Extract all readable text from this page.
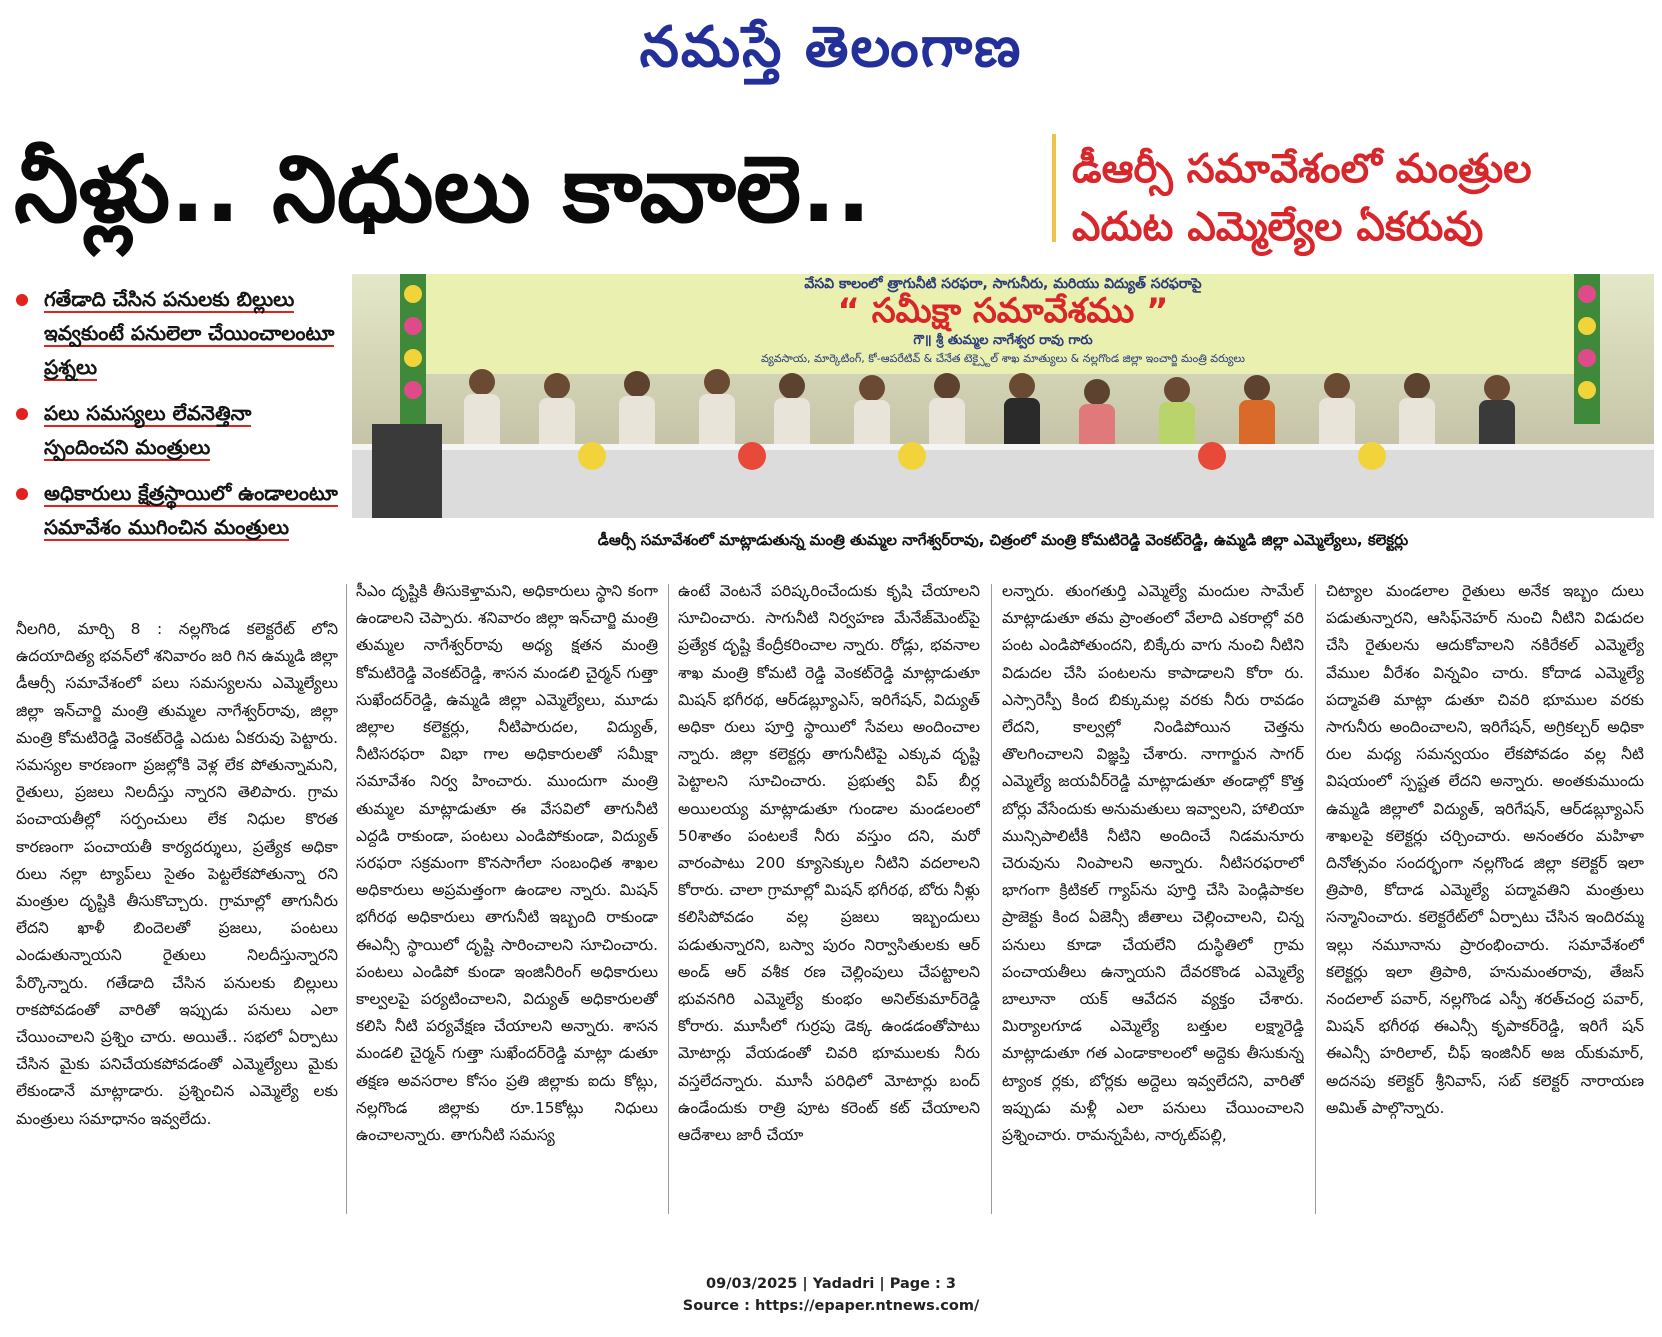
నమస్తే తెలంగాణ
నీళ్లు.. నిధులు కావాలె..	డీఆర్సీ సమావేశంలో మంత్రుల
ఎదుట ఎమ్మెల్యేల ఏకరువు
గతేడాది చేసిన పనులకు బిల్లులు ఇవ్వకుంటే పనులెలా చేయించాలంటూ ప్రశ్నలు
పలు సమస్యలు లేవనెత్తినా స్పందించని మంత్రులు
అధికారులు క్షేత్రస్థాయిలో ఉండాలంటూ సమావేశం ముగించిన మంత్రులు
వేసవి కాలంలో త్రాగునీటి సరఫరా, సాగునీరు, మరియు విద్యుత్ సరఫరాపై
“ సమీక్షా సమావేశము ”
గౌ॥ శ్రీ తుమ్మల నాగేశ్వర రావు గారు
వ్యవసాయ, మార్కెటింగ్, కో-ఆపరేటివ్ & చేనేత టెక్స్టైల్ శాఖ మాత్యులు & నల్లగొండ జిల్లా ఇంచార్జి మంత్రి వర్యులు
డీఆర్సీ సమావేశంలో మాట్లాడుతున్న మంత్రి తుమ్మల నాగేశ్వర్‌రావు, చిత్రంలో మంత్రి కోమటిరెడ్డి వెంకట్‌రెడ్డి, ఉమ్మడి జిల్లా ఎమ్మెల్యేలు, కలెక్టర్లు
నీలగిరి, మార్చి 8 : నల్లగొండ కలెక్టరేట్ లోని ఉదయాదిత్య భవన్‌లో శనివారం జరి గిన ఉమ్మడి జిల్లా డీఆర్సీ సమావేశంలో పలు సమస్యలను ఎమ్మెల్యేలు జిల్లా ఇన్‌చార్జి మంత్రి తుమ్మల నాగేశ్వర్‌రావు, జిల్లా మంత్రి కోమటిరెడ్డి వెంకట్‌రెడ్డి ఎదుట ఏకరువు పెట్టారు. సమస్యల కారణంగా ప్రజల్లోకి వెళ్ల లేక పోతున్నామని, రైతులు, ప్రజలు నిలదీస్తు న్నారని తెలిపారు. గ్రామ పంచాయతీల్లో సర్పంచులు లేక నిధుల కొరత కారణంగా పంచాయతీ కార్యదర్శులు, ప్రత్యేక అధికా రులు నల్లా ట్యాప్‌లు సైతం పెట్టలేకపోతున్నా రని మంత్రుల దృష్టికి తీసుకొచ్చారు. గ్రామాల్లో తాగునీరు లేదని ఖాళీ బిందెలతో ప్రజలు, పంటలు ఎండుతున్నాయని రైతులు నిలదీస్తున్నారని పేర్కొన్నారు. గతేడాది చేసిన పనులకు బిల్లులు రాకపోవడంతో వారితో ఇప్పుడు పనులు ఎలా చేయించాలని ప్రశ్నిం చారు. అయితే.. సభలో ఏర్పాటు చేసిన మైకు పనిచేయకపోవడంతో ఎమ్మెల్యేలు మైకు లేకుండానే మాట్లాడారు. ప్రశ్నించిన ఎమ్మెల్యే లకు మంత్రులు సమాధానం ఇవ్వలేదు.
సీఎం దృష్టికి తీసుకెళ్తామని, అధికారులు స్థాని కంగా ఉండాలని చెప్పారు. శనివారం జిల్లా ఇన్‌చార్జి మంత్రి తుమ్మల నాగేశ్వర్‌రావు అధ్య క్షతన మంత్రి కోమటిరెడ్డి వెంకట్‌రెడ్డి, శాసన మండలి చైర్మన్ గుత్తా సుఖేందర్‌రెడ్డి, ఉమ్మడి జిల్లా ఎమ్మెల్యేలు, మూడు జిల్లాల కలెక్టర్లు, నీటిపారుదల, విద్యుత్, నీటిసరఫరా విభా గాల అధికారులతో సమీక్షా సమావేశం నిర్వ హించారు. ముందుగా మంత్రి తుమ్మల మాట్లాడుతూ ఈ వేసవిలో తాగునీటి ఎద్దడి రాకుండా, పంటలు ఎండిపోకుండా, విద్యుత్ సరఫరా సక్రమంగా కొనసాగేలా సంబంధిత శాఖల అధికారులు అప్రమత్తంగా ఉండాల న్నారు. మిషన్ భగీరథ అధికారులు తాగునీటి ఇబ్బంది రాకుండా ఈఎన్సీ స్థాయిలో దృష్టి సారించాలని సూచించారు. పంటలు ఎండిపో కుండా ఇంజినీరింగ్ అధికారులు కాల్వలపై పర్యటించాలని, విద్యుత్ అధికారులతో కలిసి నీటి పర్యవేక్షణ చేయాలని అన్నారు. శాసన మండలి చైర్మన్ గుత్తా సుఖేందర్‌రెడ్డి మాట్లా డుతూ తక్షణ అవసరాల కోసం ప్రతి జిల్లాకు ఐదు కోట్లు, నల్లగొండ జిల్లాకు రూ.15కోట్లు నిధులు ఉంచాలన్నారు. తాగునీటి సమస్య
ఉంటే వెంటనే పరిష్కరించేందుకు కృషి చేయాలని సూచించారు. సాగునీటి నిర్వహణ మేనేజ్‌మెంట్‌పై ప్రత్యేక దృష్టి కేంద్రీకరించాల న్నారు. రోడ్లు, భవనాల శాఖ మంత్రి కోమటి రెడ్డి వెంకట్‌రెడ్డి మాట్లాడుతూ మిషన్ భగీరథ, ఆర్‌డబ్ల్యూఎస్, ఇరిగేషన్, విద్యుత్ అధికా రులు పూర్తి స్థాయిలో సేవలు అందించాల న్నారు. జిల్లా కలెక్టర్లు తాగునీటిపై ఎక్కువ దృష్టి పెట్టాలని సూచించారు. ప్రభుత్వ విప్ బీర్ల అయిలయ్య మాట్లాడుతూ గుండాల మండలంలో 50శాతం పంటలకే నీరు వస్తుం దని, మరో వారంపాటు 200 క్యూసెక్కుల నీటిని వదలాలని కోరారు. చాలా గ్రామాల్లో మిషన్ భగీరథ, బోరు నీళ్లు కలిసిపోవడం వల్ల ప్రజలు ఇబ్బందులు పడుతున్నారని, బస్వా పురం నిర్వాసితులకు ఆర్ అండ్ ఆర్ వశీక రణ చెల్లింపులు చేపట్టాలని భువనగిరి ఎమ్మెల్యే కుంభం అనిల్‌కుమార్‌రెడ్డి కోరారు. మూసీలో గుర్రపు డెక్క ఉండడంతోపాటు మోటార్లు వేయడంతో చివరి భూములకు నీరు వస్తలేదన్నారు. మూసీ పరిధిలో మోటార్లు బంద్ ఉండేందుకు రాత్రి పూట కరెంట్ కట్ చేయాలని ఆదేశాలు జారీ చేయా
లన్నారు. తుంగతుర్తి ఎమ్మెల్యే మందుల సామేల్ మాట్లాడుతూ తమ ప్రాంతంలో వేలాది ఎకరాల్లో వరి పంట ఎండిపోతుందని, బిక్కేరు వాగు నుంచి నీటిని విడుదల చేసి పంటలను కాపాడాలని కోరా రు. ఎస్సారెస్పీ కింద బిక్కుమల్ల వరకు నీరు రావడం లేదని, కాల్వల్లో నిండిపోయిన చెత్తను తొలగించాలని విజ్ఞప్తి చేశారు. నాగార్జున సాగర్ ఎమ్మెల్యే జయవీర్‌రెడ్డి మాట్లాడుతూ తండాల్లో కొత్త బోర్లు వేసేందుకు అనుమతులు ఇవ్వాలని, హాలియా మున్సిపాలిటీకి నీటిని అందించే నిడమనూరు చెరువును నింపాలని అన్నారు. నీటిసరఫరాలో భాగంగా క్రిటికల్ గ్యాప్‌ను పూర్తి చేసి పెండ్లిపాకల ప్రాజెక్టు కింద ఏజెన్సీ జీతాలు చెల్లించాలని, చిన్న పనులు కూడా చేయలేని దుస్థితిలో గ్రామ పంచాయతీలు ఉన్నాయని దేవరకొండ ఎమ్మెల్యే బాలూనా యక్ ఆవేదన వ్యక్తం చేశారు. మిర్యాలగూడ ఎమ్మెల్యే బత్తుల లక్ష్మారెడ్డి మాట్లాడుతూ గత ఎండాకాలంలో అద్దెకు తీసుకున్న ట్యాంక ర్లకు, బోర్లకు అద్దెలు ఇవ్వలేదని, వారితో ఇప్పుడు మళ్లీ ఎలా పనులు చేయించాలని ప్రశ్నించారు. రామన్నపేట, నార్కట్‌పల్లి,
చిట్యాల మండలాల రైతులు అనేక ఇబ్బం దులు పడుతున్నారని, ఆసిఫ్‌నెహర్ నుంచి నీటిని విడుదల చేసి రైతులను ఆదుకోవాలని నకిరేకల్ ఎమ్మెల్యే వేముల వీరేశం విన్నవిం చారు. కోదాడ ఎమ్మెల్యే పద్మావతి మాట్లా డుతూ చివరి భూముల వరకు సాగునీరు అందించాలని, ఇరిగేషన్, అగ్రికల్చర్ అధికా రుల మధ్య సమన్వయం లేకపోవడం వల్ల నీటి విషయంలో స్పష్టత లేదని అన్నారు. అంతకుముందు ఉమ్మడి జిల్లాలో విద్యుత్, ఇరిగేషన్, ఆర్‌డబ్ల్యూఎస్ శాఖలపై కలెక్టర్లు చర్చించారు. అనంతరం మహిళా దినోత్సవం సందర్భంగా నల్లగొండ జిల్లా కలెక్టర్ ఇలా త్రిపాఠి, కోదాడ ఎమ్మెల్యే పద్మావతిని మంత్రులు సన్మానించారు. కలెక్టరేట్‌లో ఏర్పాటు చేసిన ఇందిరమ్మ ఇల్లు నమూనాను ప్రారంభించారు. సమావేశంలో కలెక్టర్లు ఇలా త్రిపాఠి, హనుమంతరావు, తేజస్ నందలాల్ పవార్, నల్లగొండ ఎస్పీ శరత్‌చంద్ర పవార్, మిషన్ భగీరథ ఈఎన్సీ కృపాకర్‌రెడ్డి, ఇరిగే షన్ ఈఎన్సీ హరిలాల్, చీఫ్ ఇంజినీర్ అజ య్‌కుమార్, అదనపు కలెక్టర్ శ్రీనివాస్, సబ్ కలెక్టర్ నారాయణ అమిత్ పాల్గొన్నారు.
09/03/2025 | Yadadri | Page : 3
Source : https://epaper.ntnews.com/
